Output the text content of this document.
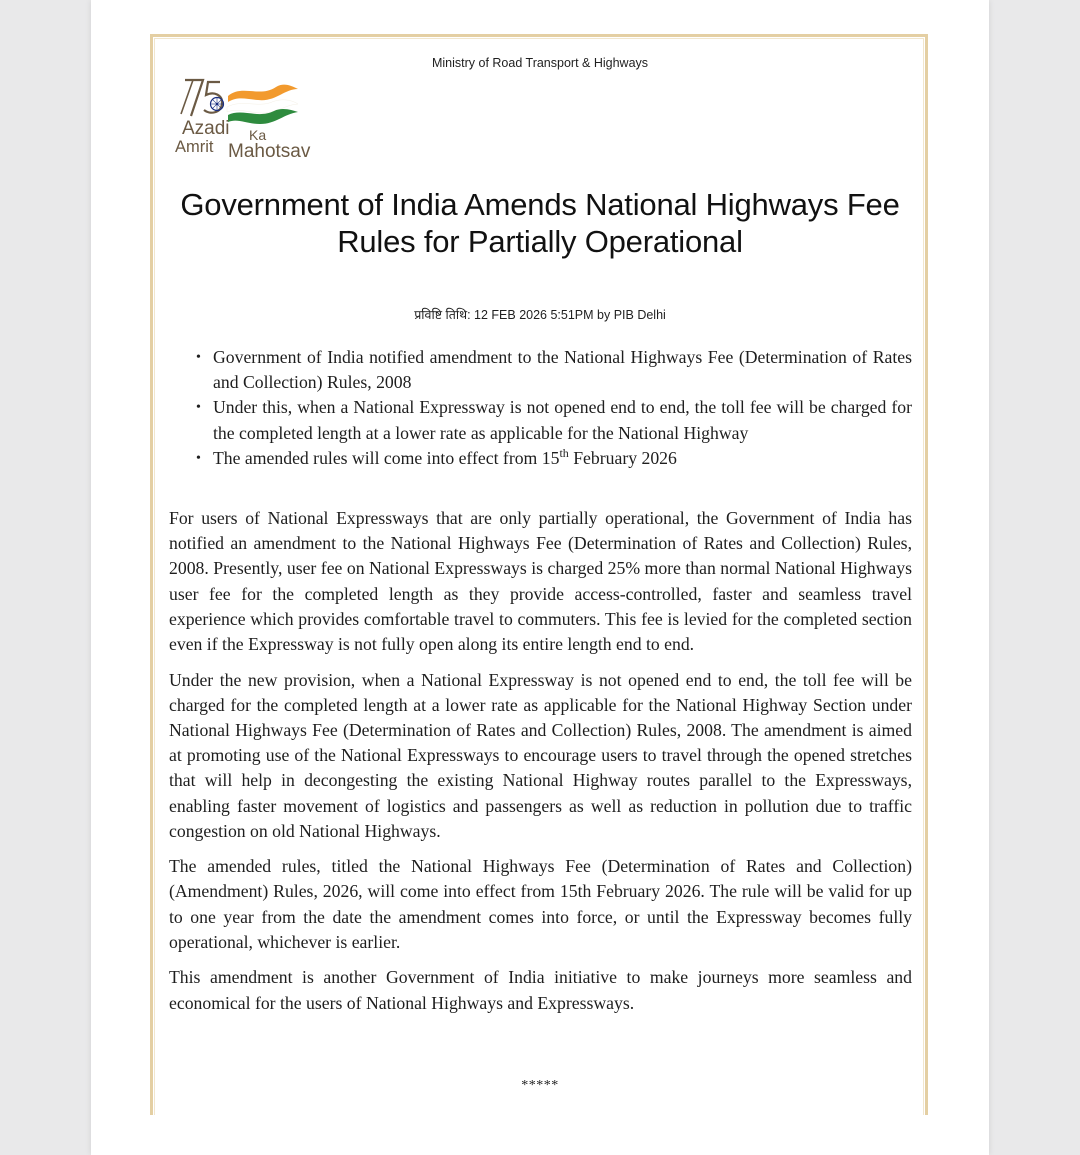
Ministry of Road Transport & Highways
Azadi Ka
Amrit Mahotsav
Government of India Amends National Highways Fee Rules for Partially Operational
प्रविष्टि तिथि: 12 FEB 2026 5:51PM by PIB Delhi
• Government of India notified amendment to the National Highways Fee (Determination of Rates and Collection) Rules, 2008
• Under this, when a National Expressway is not opened end to end, the toll fee will be charged for the completed length at a lower rate as applicable for the National Highway
• The amended rules will come into effect from 15th February 2026

For users of National Expressways that are only partially operational, the Government of India has notified an amendment to the National Highways Fee (Determination of Rates and Collection) Rules, 2008. Presently, user fee on National Expressways is charged 25% more than normal National Highways user fee for the completed length as they provide access-controlled, faster and seamless travel experience which provides comfortable travel to commuters. This fee is levied for the completed section even if the Expressway is not fully open along its entire length end to end.

Under the new provision, when a National Expressway is not opened end to end, the toll fee will be charged for the completed length at a lower rate as applicable for the National Highway Section under National Highways Fee (Determination of Rates and Collection) Rules, 2008. The amendment is aimed at promoting use of the National Expressways to encourage users to travel through the opened stretches that will help in decongesting the existing National Highway routes parallel to the Expressways, enabling faster movement of logistics and passengers as well as reduction in pollution due to traffic congestion on old National Highways.

The amended rules, titled the National Highways Fee (Determination of Rates and Collection) (Amendment) Rules, 2026, will come into effect from 15th February 2026. The rule will be valid for up to one year from the date the amendment comes into force, or until the Expressway becomes fully operational, whichever is earlier.

This amendment is another Government of India initiative to make journeys more seamless and economical for the users of National Highways and Expressways.

*****
